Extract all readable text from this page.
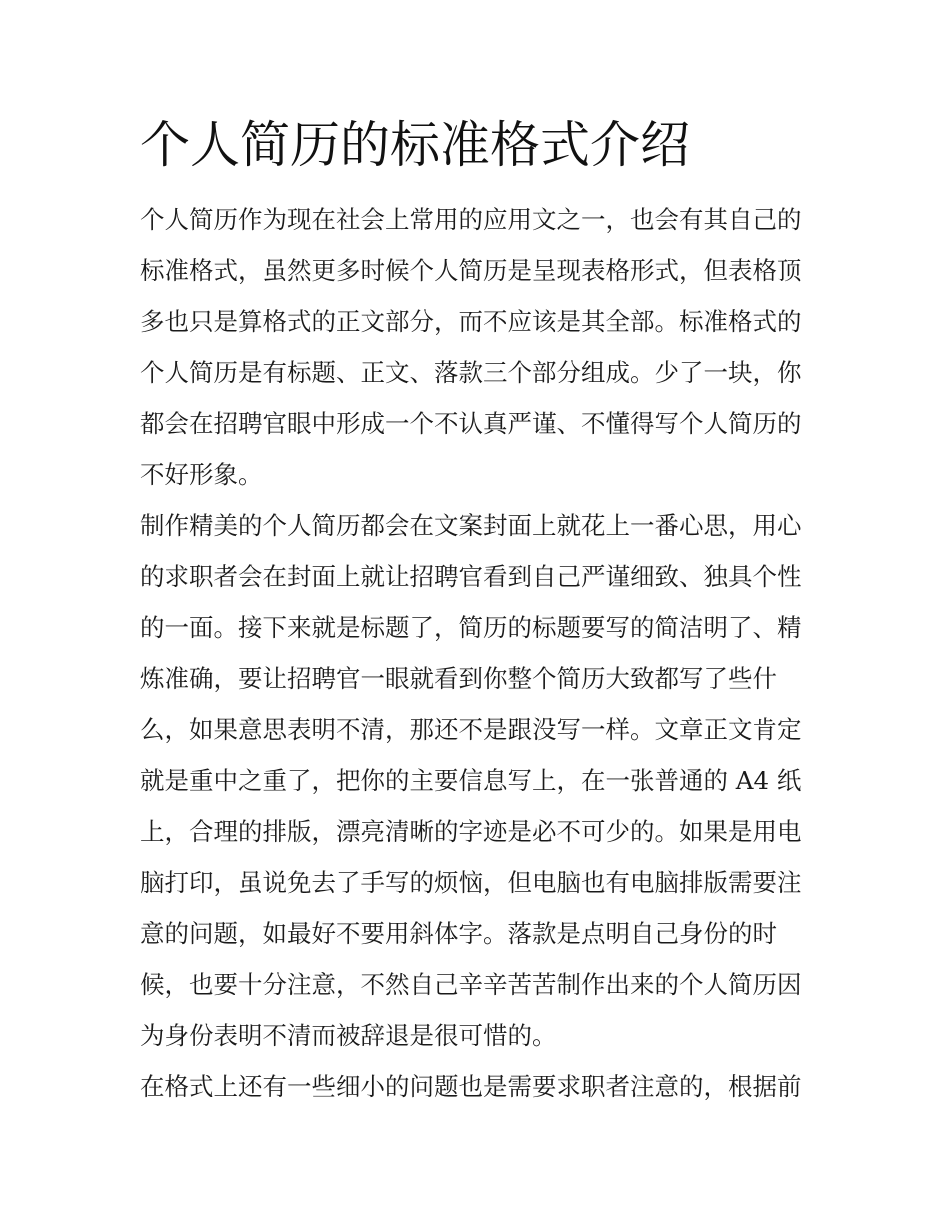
个人简历的标准格式介绍

个人简历作为现在社会上常用的应用文之一，也会有其自己的

标准格式，虽然更多时候个人简历是呈现表格形式，但表格顶

多也只是算格式的正文部分，而不应该是其全部。标准格式的

个人简历是有标题、正文、落款三个部分组成。少了一块，你

都会在招聘官眼中形成一个不认真严谨、不懂得写个人简历的

不好形象。

制作精美的个人简历都会在文案封面上就花上一番心思，用心

的求职者会在封面上就让招聘官看到自己严谨细致、独具个性

的一面。接下来就是标题了，简历的标题要写的简洁明了、精

炼准确，要让招聘官一眼就看到你整个简历大致都写了些什

么，如果意思表明不清，那还不是跟没写一样。文章正文肯定

就是重中之重了，把你的主要信息写上，在一张普通的 A4 纸

上，合理的排版，漂亮清晰的字迹是必不可少的。如果是用电

脑打印，虽说免去了手写的烦恼，但电脑也有电脑排版需要注

意的问题，如最好不要用斜体字。落款是点明自己身份的时

候，也要十分注意，不然自己辛辛苦苦制作出来的个人简历因

为身份表明不清而被辞退是很可惜的。

在格式上还有一些细小的问题也是需要求职者注意的，根据前
